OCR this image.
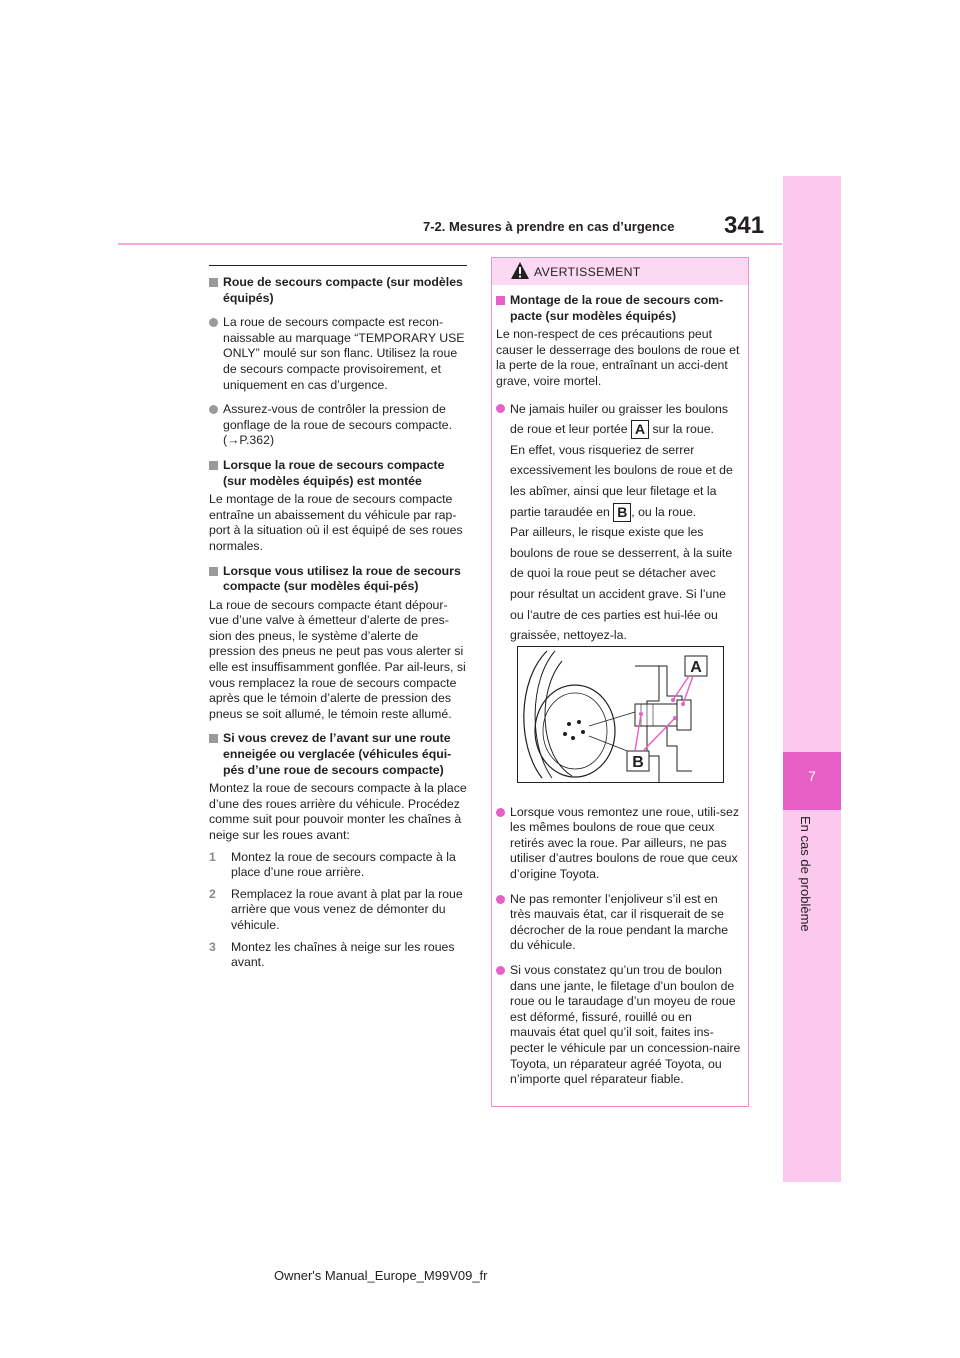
7-2. Mesures à prendre en cas d’urgence 341
7
En cas de problème
Roue de secours compacte (sur modèles équipés)
La roue de secours compacte est recon-naissable au marquage “TEMPORARY USE ONLY” moulé sur son flanc. Utilisez la roue de secours compacte provisoirement, et uniquement en cas d’urgence.
Assurez-vous de contrôler la pression de gonflage de la roue de secours compacte. (→P.362)
Lorsque la roue de secours compacte (sur modèles équipés) est montée
Le montage de la roue de secours compacte entraîne un abaissement du véhicule par rap-port à la situation où il est équipé de ses roues normales.
Lorsque vous utilisez la roue de secours compacte (sur modèles équi-pés)
La roue de secours compacte étant dépour-vue d’une valve à émetteur d’alerte de pres-sion des pneus, le système d’alerte de pression des pneus ne peut pas vous alerter si elle est insuffisamment gonflée. Par ail-leurs, si vous remplacez la roue de secours compacte après que le témoin d’alerte de pression des pneus se soit allumé, le témoin reste allumé.
Si vous crevez de l’avant sur une route enneigée ou verglacée (véhicules équi-pés d’une roue de secours compacte)
Montez la roue de secours compacte à la place d’une des roues arrière du véhicule. Procédez comme suit pour pouvoir monter les chaînes à neige sur les roues avant:
1 Montez la roue de secours compacte à la place d’une roue arrière.
2 Remplacez la roue avant à plat par la roue arrière que vous venez de démonter du véhicule.
3 Montez les chaînes à neige sur les roues avant.
AVERTISSEMENT
Montage de la roue de secours com-pacte (sur modèles équipés)
Le non-respect de ces précautions peut causer le desserrage des boulons de roue et la perte de la roue, entraînant un acci-dent grave, voire mortel.
Ne jamais huiler ou graisser les boulons de roue et leur portée A sur la roue.
En effet, vous risqueriez de serrer excessivement les boulons de roue et de les abîmer, ainsi que leur filetage et la partie taraudée en B , ou la roue.
Par ailleurs, le risque existe que les boulons de roue se desserrent, à la suite de quoi la roue peut se détacher avec pour résultat un accident grave. Si l’une ou l’autre de ces parties est hui-lée ou graissée, nettoyez-la.
Lorsque vous remontez une roue, utili-sez les mêmes boulons de roue que ceux retirés avec la roue. Par ailleurs, ne pas utiliser d’autres boulons de roue que ceux d’origine Toyota.
Ne pas remonter l’enjoliveur s’il est en très mauvais état, car il risquerait de se décrocher de la roue pendant la marche du véhicule.
Si vous constatez qu’un trou de boulon dans une jante, le filetage d’un boulon de roue ou le taraudage d’un moyeu de roue est déformé, fissuré, rouillé ou en mauvais état quel qu’il soit, faites ins-pecter le véhicule par un concession-naire Toyota, un réparateur agréé Toyota, ou n’importe quel réparateur fiable.
A
B
Owner's Manual_Europe_M99V09_fr
